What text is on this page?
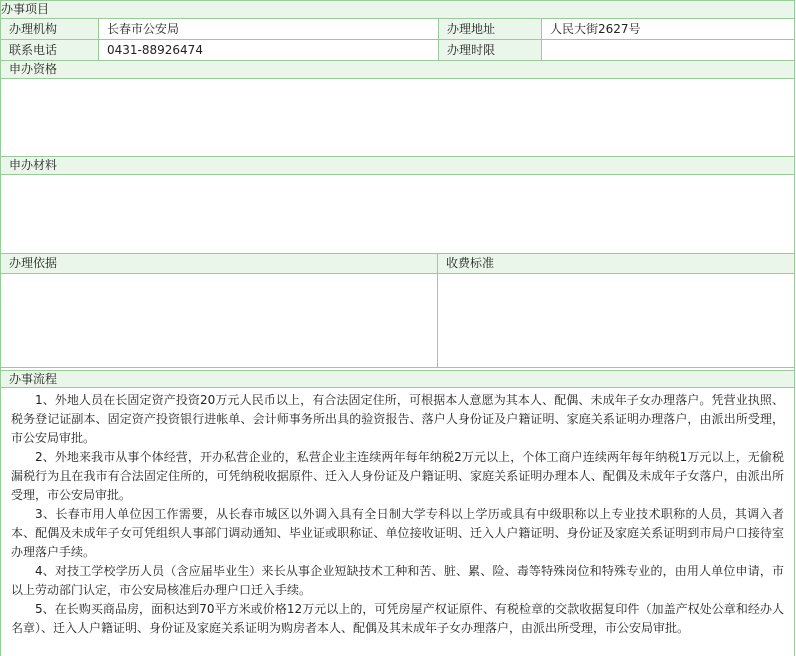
办事项目
办理机构	长春市公安局	办理地址	人民大街2627号
联系电话	0431-88926474	办理时限
申办资格
申办材料
办理依据	收费标准
办事流程

1、外地人员在长固定资产投资20万元人民币以上，有合法固定住所，可根据本人意愿为其本人、配偶、未成年子女办理落户。凭营业执照、税务登记证副本、固定资产投资银行进帐单、会计师事务所出具的验资报告、落户人身份证及户籍证明、家庭关系证明办理落户，由派出所受理，市公安局审批。

2、外地来我市从事个体经营，开办私营企业的，私营企业主连续两年每年纳税2万元以上，个体工商户连续两年每年纳税1万元以上，无偷税漏税行为且在我市有合法固定住所的，可凭纳税收据原件、迁入人身份证及户籍证明、家庭关系证明办理本人、配偶及未成年子女落户，由派出所受理，市公安局审批。

3、长春市用人单位因工作需要，从长春市城区以外调入具有全日制大学专科以上学历或具有中级职称以上专业技术职称的人员，其调入者本、配偶及未成年子女可凭组织人事部门调动通知、毕业证或职称证、单位接收证明、迁入人户籍证明、身份证及家庭关系证明到市局户口接待室办理落户手续。

4、对技工学校学历人员（含应届毕业生）来长从事企业短缺技术工种和苦、脏、累、险、毒等特殊岗位和特殊专业的，由用人单位申请，市以上劳动部门认定，市公安局核准后办理户口迁入手续。

5、在长购买商品房，面积达到70平方米或价格12万元以上的，可凭房屋产权证原件、有税检章的交款收据复印件（加盖产权处公章和经办人名章）、迁入人户籍证明、身份证及家庭关系证明为购房者本人、配偶及其未成年子女办理落户，由派出所受理，市公安局审批。
